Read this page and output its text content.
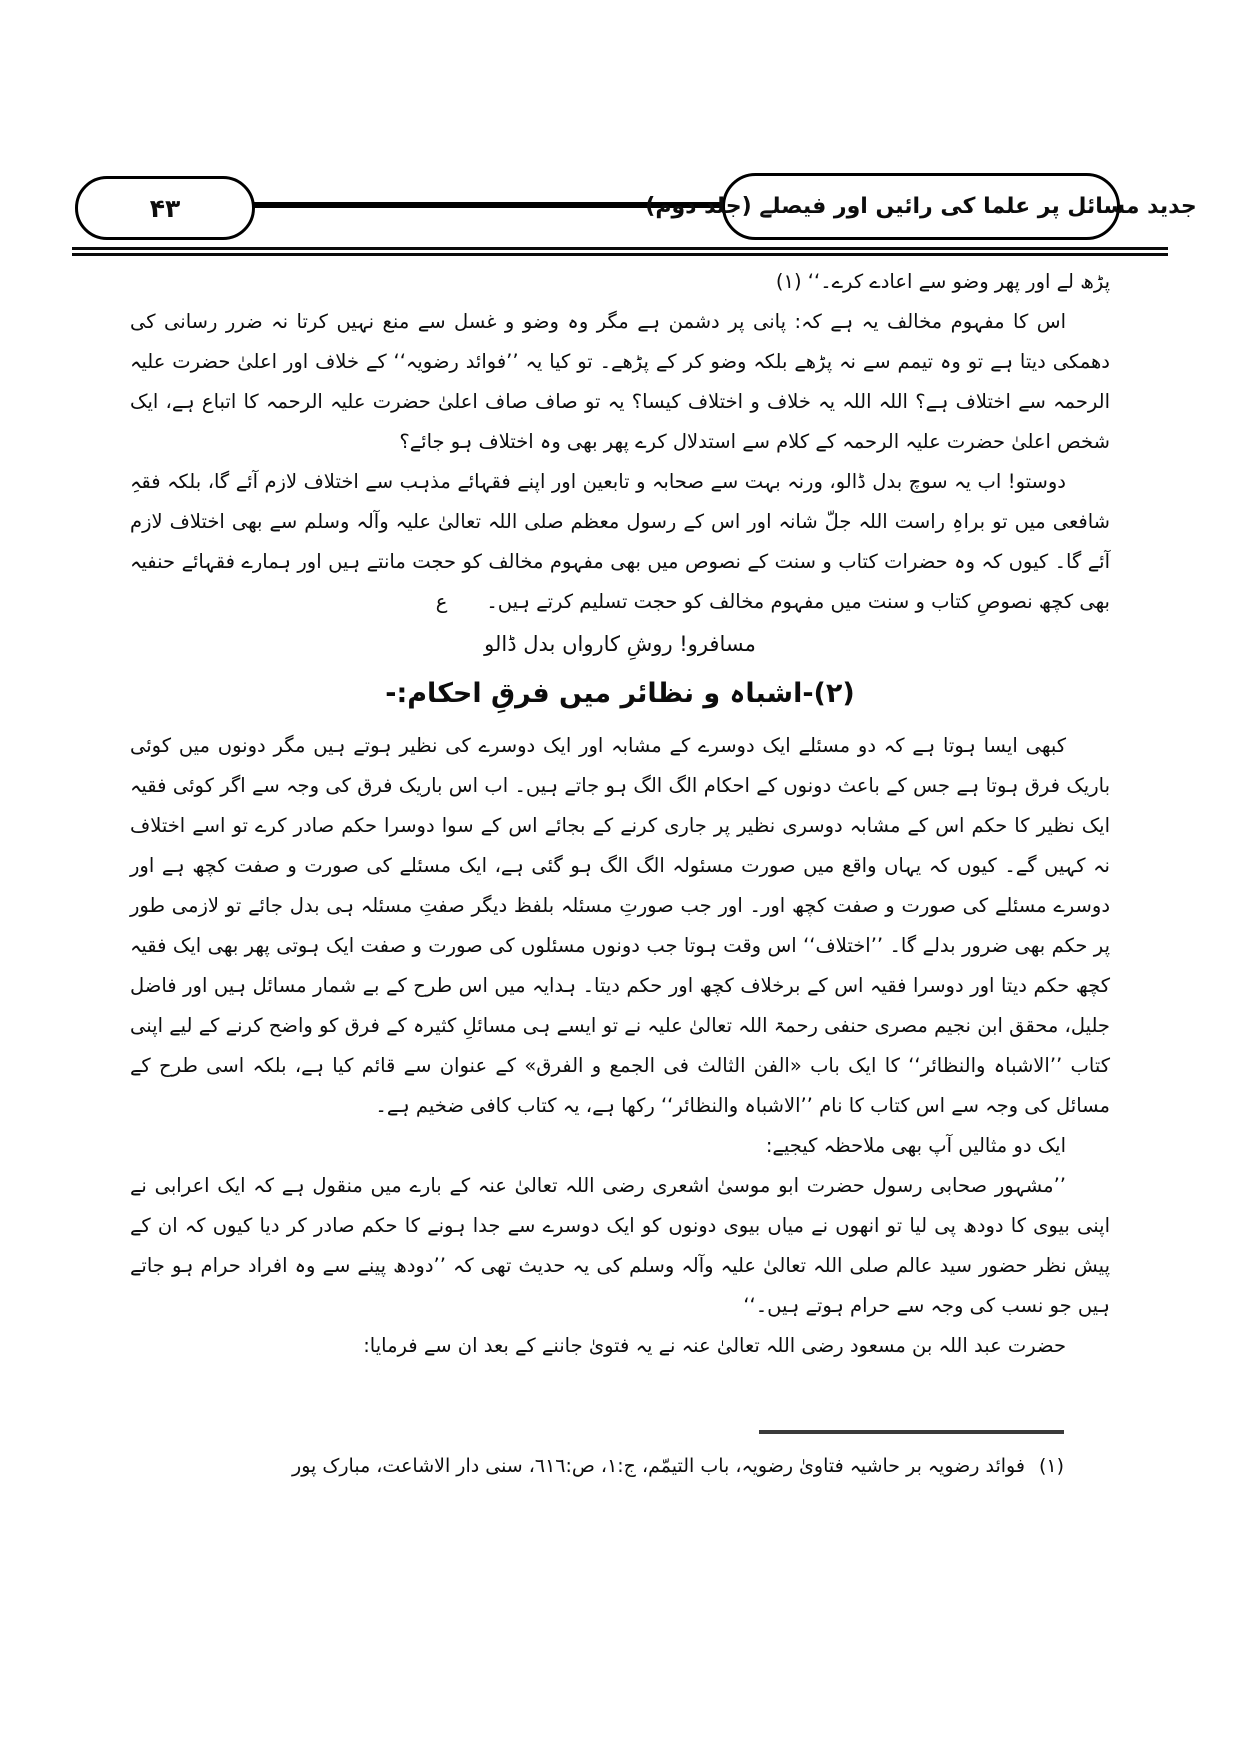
۴۳	جدید مسائل پر علما کی رائیں اور فیصلے (جلد دوم)

پڑھ لے اور پھر وضو سے اعادے کرے۔‘‘ (۱)

اس کا مفہوم مخالف یہ ہے کہ: پانی پر دشمن ہے مگر وہ وضو و غسل سے منع نہیں کرتا نہ ضرر رسانی کی دھمکی دیتا ہے تو وہ تیمم سے نہ پڑھے بلکہ وضو کر کے پڑھے۔ تو کیا یہ ’’فوائد رضویہ‘‘ کے خلاف اور اعلیٰ حضرت علیہ الرحمہ سے اختلاف ہے؟ اللہ اللہ یہ خلاف و اختلاف کیسا؟ یہ تو صاف صاف اعلیٰ حضرت علیہ الرحمہ کا اتباع ہے، ایک شخص اعلیٰ حضرت علیہ الرحمہ کے کلام سے استدلال کرے پھر بھی وہ اختلاف ہو جائے؟

دوستو! اب یہ سوچ بدل ڈالو، ورنہ بہت سے صحابہ و تابعین اور اپنے فقہائے مذہب سے اختلاف لازم آئے گا، بلکہ فقہِ شافعی میں تو براہِ راست اللہ جلّ شانہ اور اس کے رسول معظم صلی اللہ تعالیٰ علیہ وآلہ وسلم سے بھی اختلاف لازم آئے گا۔ کیوں کہ وہ حضرات کتاب و سنت کے نصوص میں بھی مفہوم مخالف کو حجت مانتے ہیں اور ہمارے فقہائے حنفیہ بھی کچھ نصوصِ کتاب و سنت میں مفہوم مخالف کو حجت تسلیم کرتے ہیں۔  ع

مسافرو! روشِ کارواں بدل ڈالو
(۲)-اشباہ و نظائر میں فرقِ احکام:-

کبھی ایسا ہوتا ہے کہ دو مسئلے ایک دوسرے کے مشابہ اور ایک دوسرے کی نظیر ہوتے ہیں مگر دونوں میں کوئی باریک فرق ہوتا ہے جس کے باعث دونوں کے احکام الگ الگ ہو جاتے ہیں۔ اب اس باریک فرق کی وجہ سے اگر کوئی فقیہ ایک نظیر کا حکم اس کے مشابہ دوسری نظیر پر جاری کرنے کے بجائے اس کے سوا دوسرا حکم صادر کرے تو اسے اختلاف نہ کہیں گے۔ کیوں کہ یہاں واقع میں صورت مسئولہ الگ الگ ہو گئی ہے، ایک مسئلے کی صورت و صفت کچھ ہے اور دوسرے مسئلے کی صورت و صفت کچھ اور۔ اور جب صورتِ مسئلہ بلفظ دیگر صفتِ مسئلہ ہی بدل جائے تو لازمی طور پر حکم بھی ضرور بدلے گا۔ ’’اختلاف‘‘ اس وقت ہوتا جب دونوں مسئلوں کی صورت و صفت ایک ہوتی پھر بھی ایک فقیہ کچھ حکم دیتا اور دوسرا فقیہ اس کے برخلاف کچھ اور حکم دیتا۔ ہدایہ میں اس طرح کے بے شمار مسائل ہیں اور فاضل جلیل، محقق ابن نجیم مصری حنفی رحمۃ اللہ تعالیٰ علیہ نے تو ایسے ہی مسائلِ کثیرہ کے فرق کو واضح کرنے کے لیے اپنی کتاب ’’الاشباہ والنظائر‘‘ کا ایک باب «الفن الثالث فی الجمع و الفرق» کے عنوان سے قائم کیا ہے، بلکہ اسی طرح کے مسائل کی وجہ سے اس کتاب کا نام ’’الاشباہ والنظائر‘‘ رکھا ہے، یہ کتاب کافی ضخیم ہے۔

ایک دو مثالیں آپ بھی ملاحظہ کیجیے:

’’مشہور صحابی رسول حضرت ابو موسیٰ اشعری رضی اللہ تعالیٰ عنہ کے بارے میں منقول ہے کہ ایک اعرابی نے اپنی بیوی کا دودھ پی لیا تو انھوں نے میاں بیوی دونوں کو ایک دوسرے سے جدا ہونے کا حکم صادر کر دیا کیوں کہ ان کے پیش نظر حضور سید عالم صلی اللہ تعالیٰ علیہ وآلہ وسلم کی یہ حدیث تھی کہ ’’دودھ پینے سے وہ افراد حرام ہو جاتے ہیں جو نسب کی وجہ سے حرام ہوتے ہیں۔‘‘

حضرت عبد اللہ بن مسعود رضی اللہ تعالیٰ عنہ نے یہ فتویٰ جاننے کے بعد ان سے فرمایا:

(۱)
فوائد رضویہ بر حاشیہ فتاویٰ رضویہ، باب التیمّم، ج:۱، ص:٦١٦، سنی دار الاشاعت، مبارک پور
